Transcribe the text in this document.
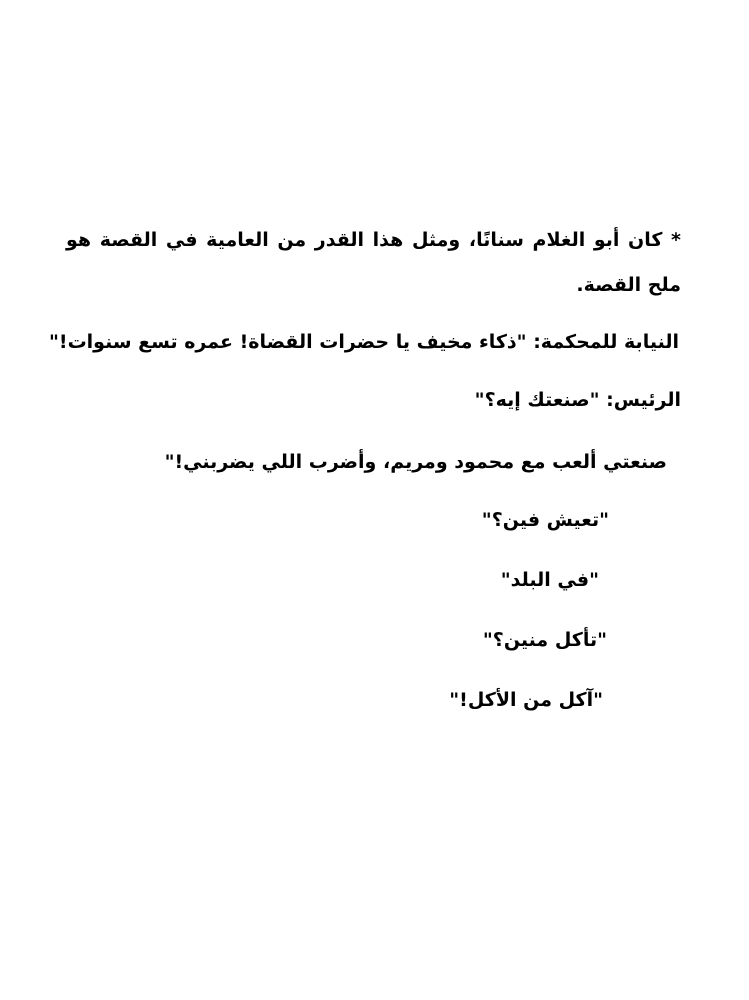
* كان أبو الغلام سنانًا، ومثل هذا القدر من العامية في القصة هو ملح القصة.

النيابة للمحكمة: "ذكاء مخيف يا حضرات القضاة! عمره تسع سنوات!"

الرئيس: "صنعتك إيه؟"

صنعتي ألعب مع محمود ومريم، وأضرب اللي يضربني!"

"تعيش فين؟"

"في البلد"

"تأكل منين؟"

"آكل من الأكل!"
